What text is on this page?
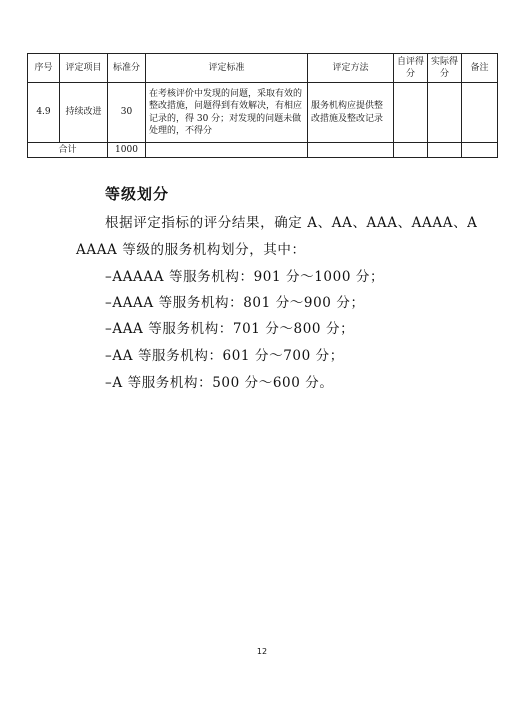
序号	评定项目	标准分	评定标准	评定方法	自评得分	实际得分	备注
4.9	持续改进	30	在考核评价中发现的问题，采取有效的整改措施，问题得到有效解决，有相应记录的，得 30 分；对发现的问题未做处理的，不得分	服务机构应提供整改措施及整改记录			
合计		1000					
等级划分
根据评定指标的评分结果，确定 A、AA、AAA、AAAA、A
AAAA 等级的服务机构划分，其中：
–AAAAA 等服务机构：901 分～1000 分；
–AAAA 等服务机构：801 分～900 分；
–AAA 等服务机构：701 分～800 分；
–AA 等服务机构：601 分～700 分；
–A 等服务机构：500 分～600 分。
12
